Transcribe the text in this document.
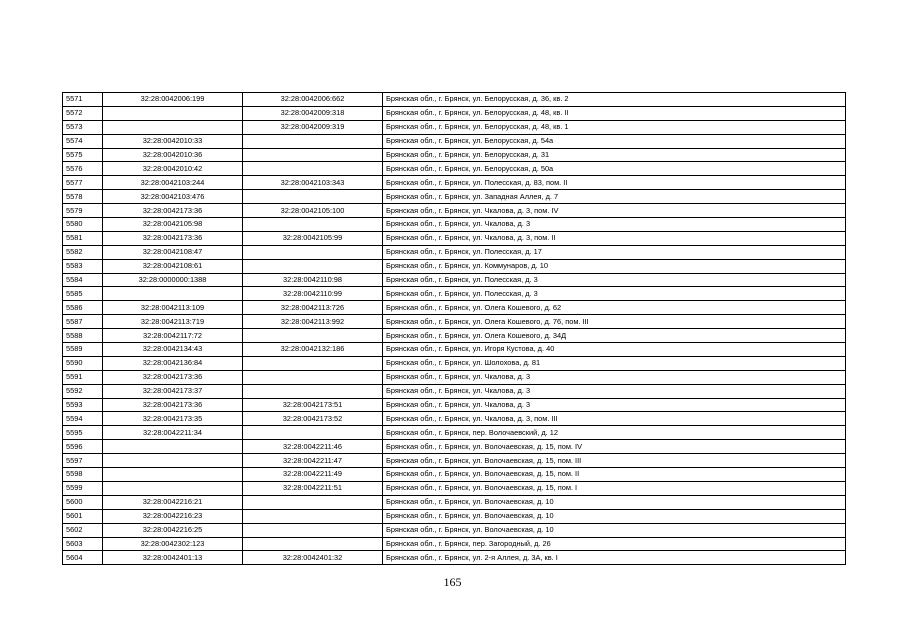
5571	32:28:0042006:199	32:28:0042006:662	Брянская обл., г. Брянск, ул. Белорусская, д. 36, кв. 2
5572		32:28:0042009:318	Брянская обл., г. Брянск, ул. Белорусская, д. 48, кв. II
5573		32:28:0042009:319	Брянская обл., г. Брянск, ул. Белорусская, д. 48, кв. 1
5574	32:28:0042010:33		Брянская обл., г. Брянск, ул. Белорусская, д. 54а
5575	32:28:0042010:36		Брянская обл., г. Брянск, ул. Белорусская, д. 31
5576	32:28:0042010:42		Брянская обл., г. Брянск, ул. Белорусская, д. 50а
5577	32:28:0042103:244	32:28:0042103:343	Брянская обл., г. Брянск, ул. Полесская, д. 83, пом. II
5578	32:28:0042103:476		Брянская обл., г. Брянск, ул. Западная Аллея, д. 7
5579	32:28:0042173:36	32:28:0042105:100	Брянская обл., г. Брянск, ул. Чкалова, д. 3, пом. IV
5580	32:28:0042105:98		Брянская обл., г. Брянск, ул. Чкалова, д. 3
5581	32:28:0042173:36	32:28:0042105:99	Брянская обл., г. Брянск, ул. Чкалова, д. 3, пом. II
5582	32:28:0042108:47		Брянская обл., г. Брянск, ул. Полесская, д. 17
5583	32:28:0042108:61		Брянская обл., г. Брянск, ул. Коммунаров, д. 10
5584	32:28:0000000:1388	32:28:0042110:98	Брянская обл., г. Брянск, ул. Полесская, д. 3
5585		32:28:0042110:99	Брянская обл., г. Брянск, ул. Полесская, д. 3
5586	32:28:0042113:109	32:28:0042113:726	Брянская обл., г. Брянск, ул. Олега Кошевого, д. 62
5587	32:28:0042113:719	32:28:0042113:992	Брянская обл., г. Брянск, ул. Олега Кошевого, д. 76, пом. III
5588	32:28:0042117:72		Брянская обл., г. Брянск, ул. Олега Кошевого, д. 34Д
5589	32:28:0042134:43	32:28:0042132:186	Брянская обл., г. Брянск, ул. Игоря Кустова, д. 40
5590	32:28:0042136:84		Брянская обл., г. Брянск, ул. Шолохова, д. 81
5591	32:28:0042173:36		Брянская обл., г. Брянск, ул. Чкалова, д. 3
5592	32:28:0042173:37		Брянская обл., г. Брянск, ул. Чкалова, д. 3
5593	32:28:0042173:36	32:28:0042173:51	Брянская обл., г. Брянск, ул. Чкалова, д. 3
5594	32:28:0042173:35	32:28:0042173:52	Брянская обл., г. Брянск, ул. Чкалова, д. 3, пом. III
5595	32:28:0042211:34		Брянская обл., г. Брянск, пер. Волочаевский, д. 12
5596		32:28:0042211:46	Брянская обл., г. Брянск, ул. Волочаевская, д. 15, пом. IV
5597		32:28:0042211:47	Брянская обл., г. Брянск, ул. Волочаевская, д. 15, пом. III
5598		32:28:0042211:49	Брянская обл., г. Брянск, ул. Волочаевская, д. 15, пом. II
5599		32:28:0042211:51	Брянская обл., г. Брянск, ул. Волочаевская, д. 15, пом. I
5600	32:28:0042216:21		Брянская обл., г. Брянск, ул. Волочаевская, д. 10
5601	32:28:0042216:23		Брянская обл., г. Брянск, ул. Волочаевская, д. 10
5602	32:28:0042216:25		Брянская обл., г. Брянск, ул. Волочаевская, д. 10
5603	32:28:0042302:123		Брянская обл., г. Брянск, пер. Загородный, д. 26
5604	32:28:0042401:13	32:28:0042401:32	Брянская обл., г. Брянск, ул. 2-я Аллея, д. 3А, кв. I
165
